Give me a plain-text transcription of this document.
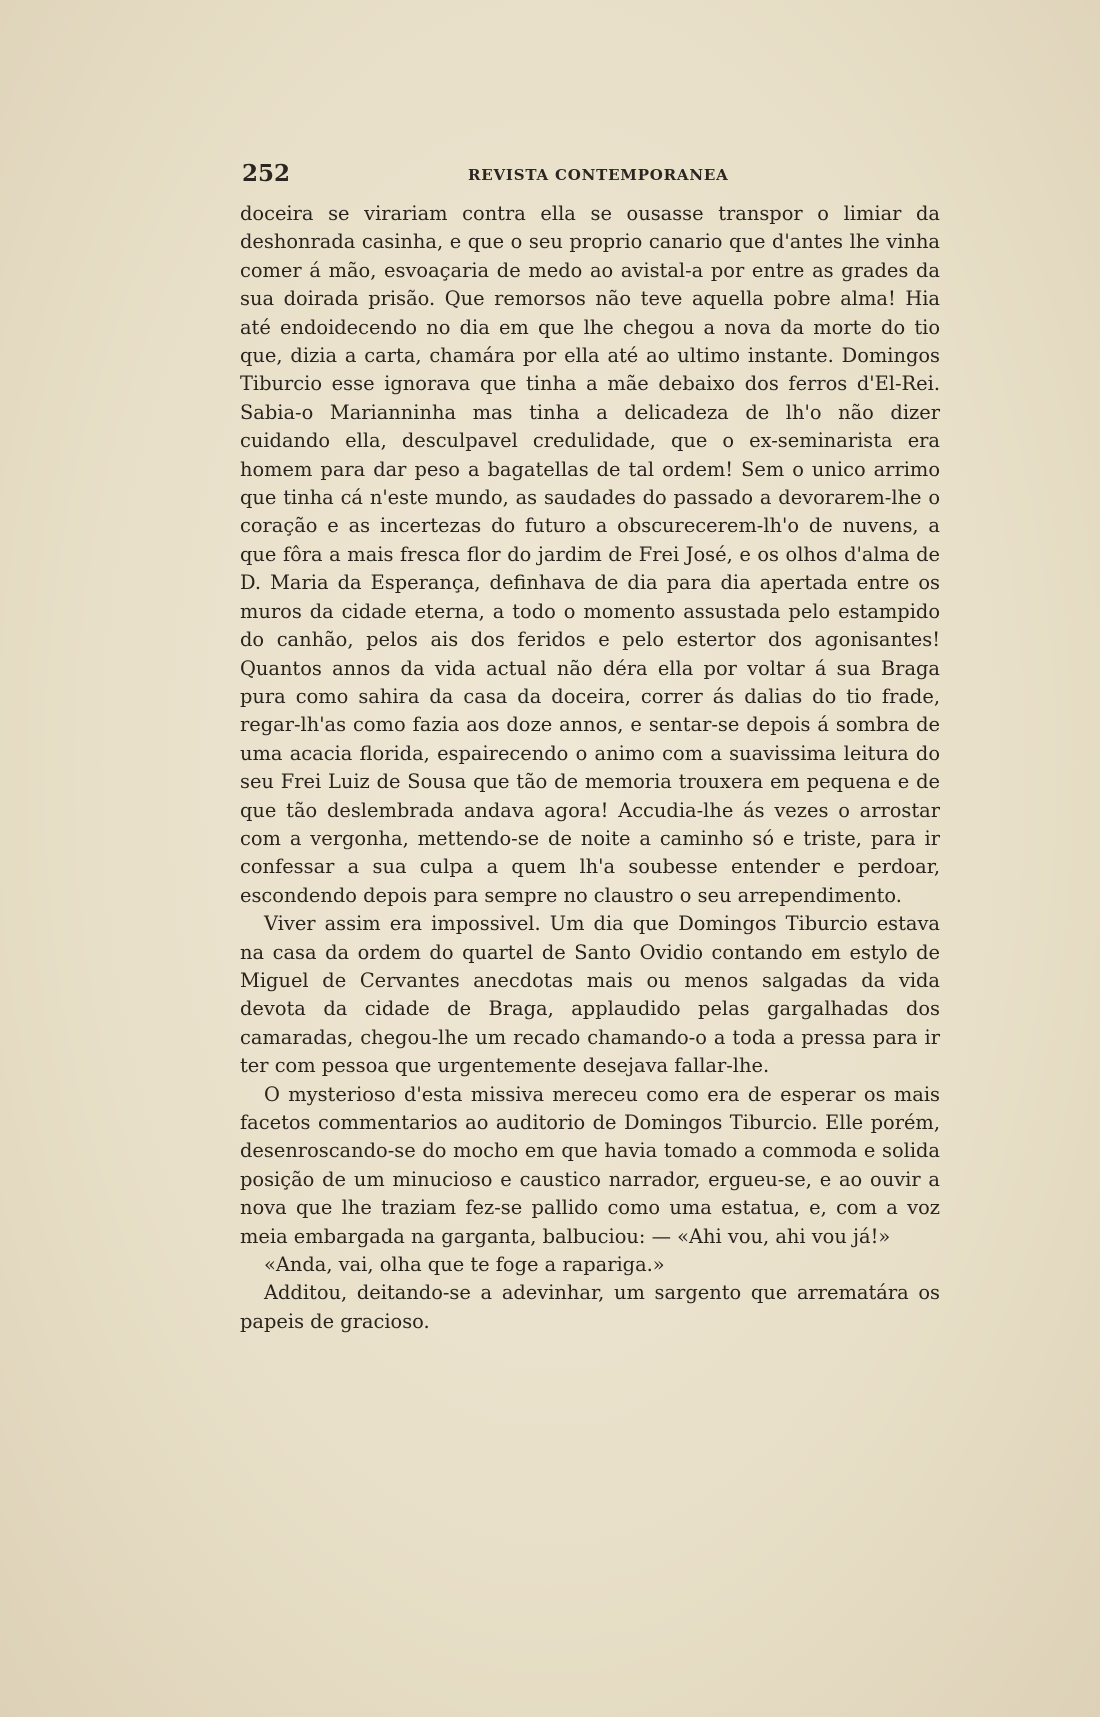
252	REVISTA CONTEMPORANEA

doceira se virariam contra ella se ousasse transpor o limiar da deshonrada casinha, e que o seu proprio canario que d'antes lhe vinha comer á mão, esvoaçaria de medo ao avistal-a por entre as grades da sua doirada prisão. Que remorsos não teve aquella pobre alma! Hia até endoidecendo no dia em que lhe chegou a nova da morte do tio que, dizia a carta, chamára por ella até ao ultimo instante. Domingos Tiburcio esse ignorava que tinha a mãe debaixo dos ferros d'El-Rei. Sabia-o Marianninha mas tinha a delicadeza de lh'o não dizer cuidando ella, desculpavel credulidade, que o ex-seminarista era homem para dar peso a bagatellas de tal ordem! Sem o unico arrimo que tinha cá n'este mundo, as saudades do passado a devorarem-lhe o coração e as incertezas do futuro a obscurecerem-lh'o de nuvens, a que fôra a mais fresca flor do jardim de Frei José, e os olhos d'alma de D. Maria da Esperança, definhava de dia para dia apertada entre os muros da cidade eterna, a todo o momento assustada pelo estampido do canhão, pelos ais dos feridos e pelo estertor dos agonisantes! Quantos annos da vida actual não déra ella por voltar á sua Braga pura como sahira da casa da doceira, correr ás dalias do tio frade, regar-lh'as como fazia aos doze annos, e sentar-se depois á sombra de uma acacia florida, espairecendo o animo com a suavissima leitura do seu Frei Luiz de Sousa que tão de memoria trouxera em pequena e de que tão deslembrada andava agora! Accudia-lhe ás vezes o arrostar com a vergonha, mettendo-se de noite a caminho só e triste, para ir confessar a sua culpa a quem lh'a soubesse entender e perdoar, escondendo depois para sempre no claustro o seu arrependimento.

Viver assim era impossivel. Um dia que Domingos Tiburcio estava na casa da ordem do quartel de Santo Ovidio contando em estylo de Miguel de Cervantes anecdotas mais ou menos salgadas da vida devota da cidade de Braga, applaudido pelas gargalhadas dos camaradas, chegou-lhe um recado chamando-o a toda a pressa para ir ter com pessoa que urgentemente desejava fallar-lhe.

O mysterioso d'esta missiva mereceu como era de esperar os mais facetos commentarios ao auditorio de Domingos Tiburcio. Elle porém, desenroscando-se do mocho em que havia tomado a commoda e solida posição de um minucioso e caustico narrador, ergueu-se, e ao ouvir a nova que lhe traziam fez-se pallido como uma estatua, e, com a voz meia embargada na garganta, balbuciou: — «Ahi vou, ahi vou já!»

«Anda, vai, olha que te foge a rapariga.»

Additou, deitando-se a adevinhar, um sargento que arrematára os papeis de gracioso.
